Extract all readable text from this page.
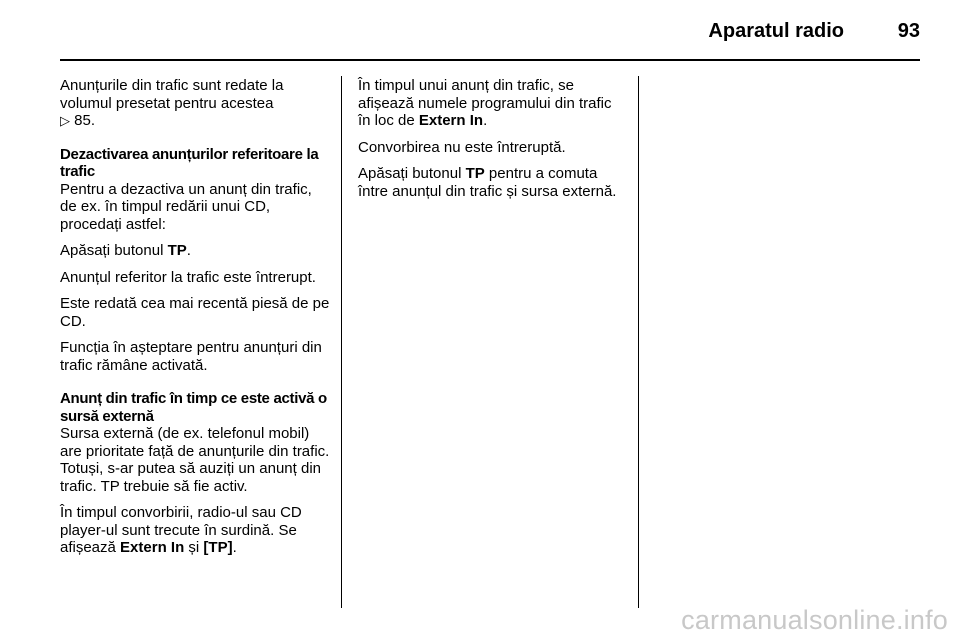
Aparatul radio	93

Anunțurile din trafic sunt redate la volumul presetat pentru acestea
▷ 85.

Dezactivarea anunțurilor referitoare la trafic

Pentru a dezactiva un anunț din trafic, de ex. în timpul redării unui CD, procedați astfel:

Apăsați butonul TP.

Anunțul referitor la trafic este întrerupt.

Este redată cea mai recentă piesă de pe CD.

Funcția în așteptare pentru anunțuri din trafic rămâne activată.

Anunț din trafic în timp ce este activă o sursă externă

Sursa externă (de ex. telefonul mobil) are prioritate față de anunțurile din trafic. Totuși, s-ar putea să auziți un anunț din trafic. TP trebuie să fie activ.

În timpul convorbirii, radio-ul sau CD player-ul sunt trecute în surdină. Se afișează Extern In și [TP].

În timpul unui anunț din trafic, se afișează numele programului din trafic în loc de Extern In.

Convorbirea nu este întreruptă.

Apăsați butonul TP pentru a comuta între anunțul din trafic și sursa externă.

carmanualsonline.info
